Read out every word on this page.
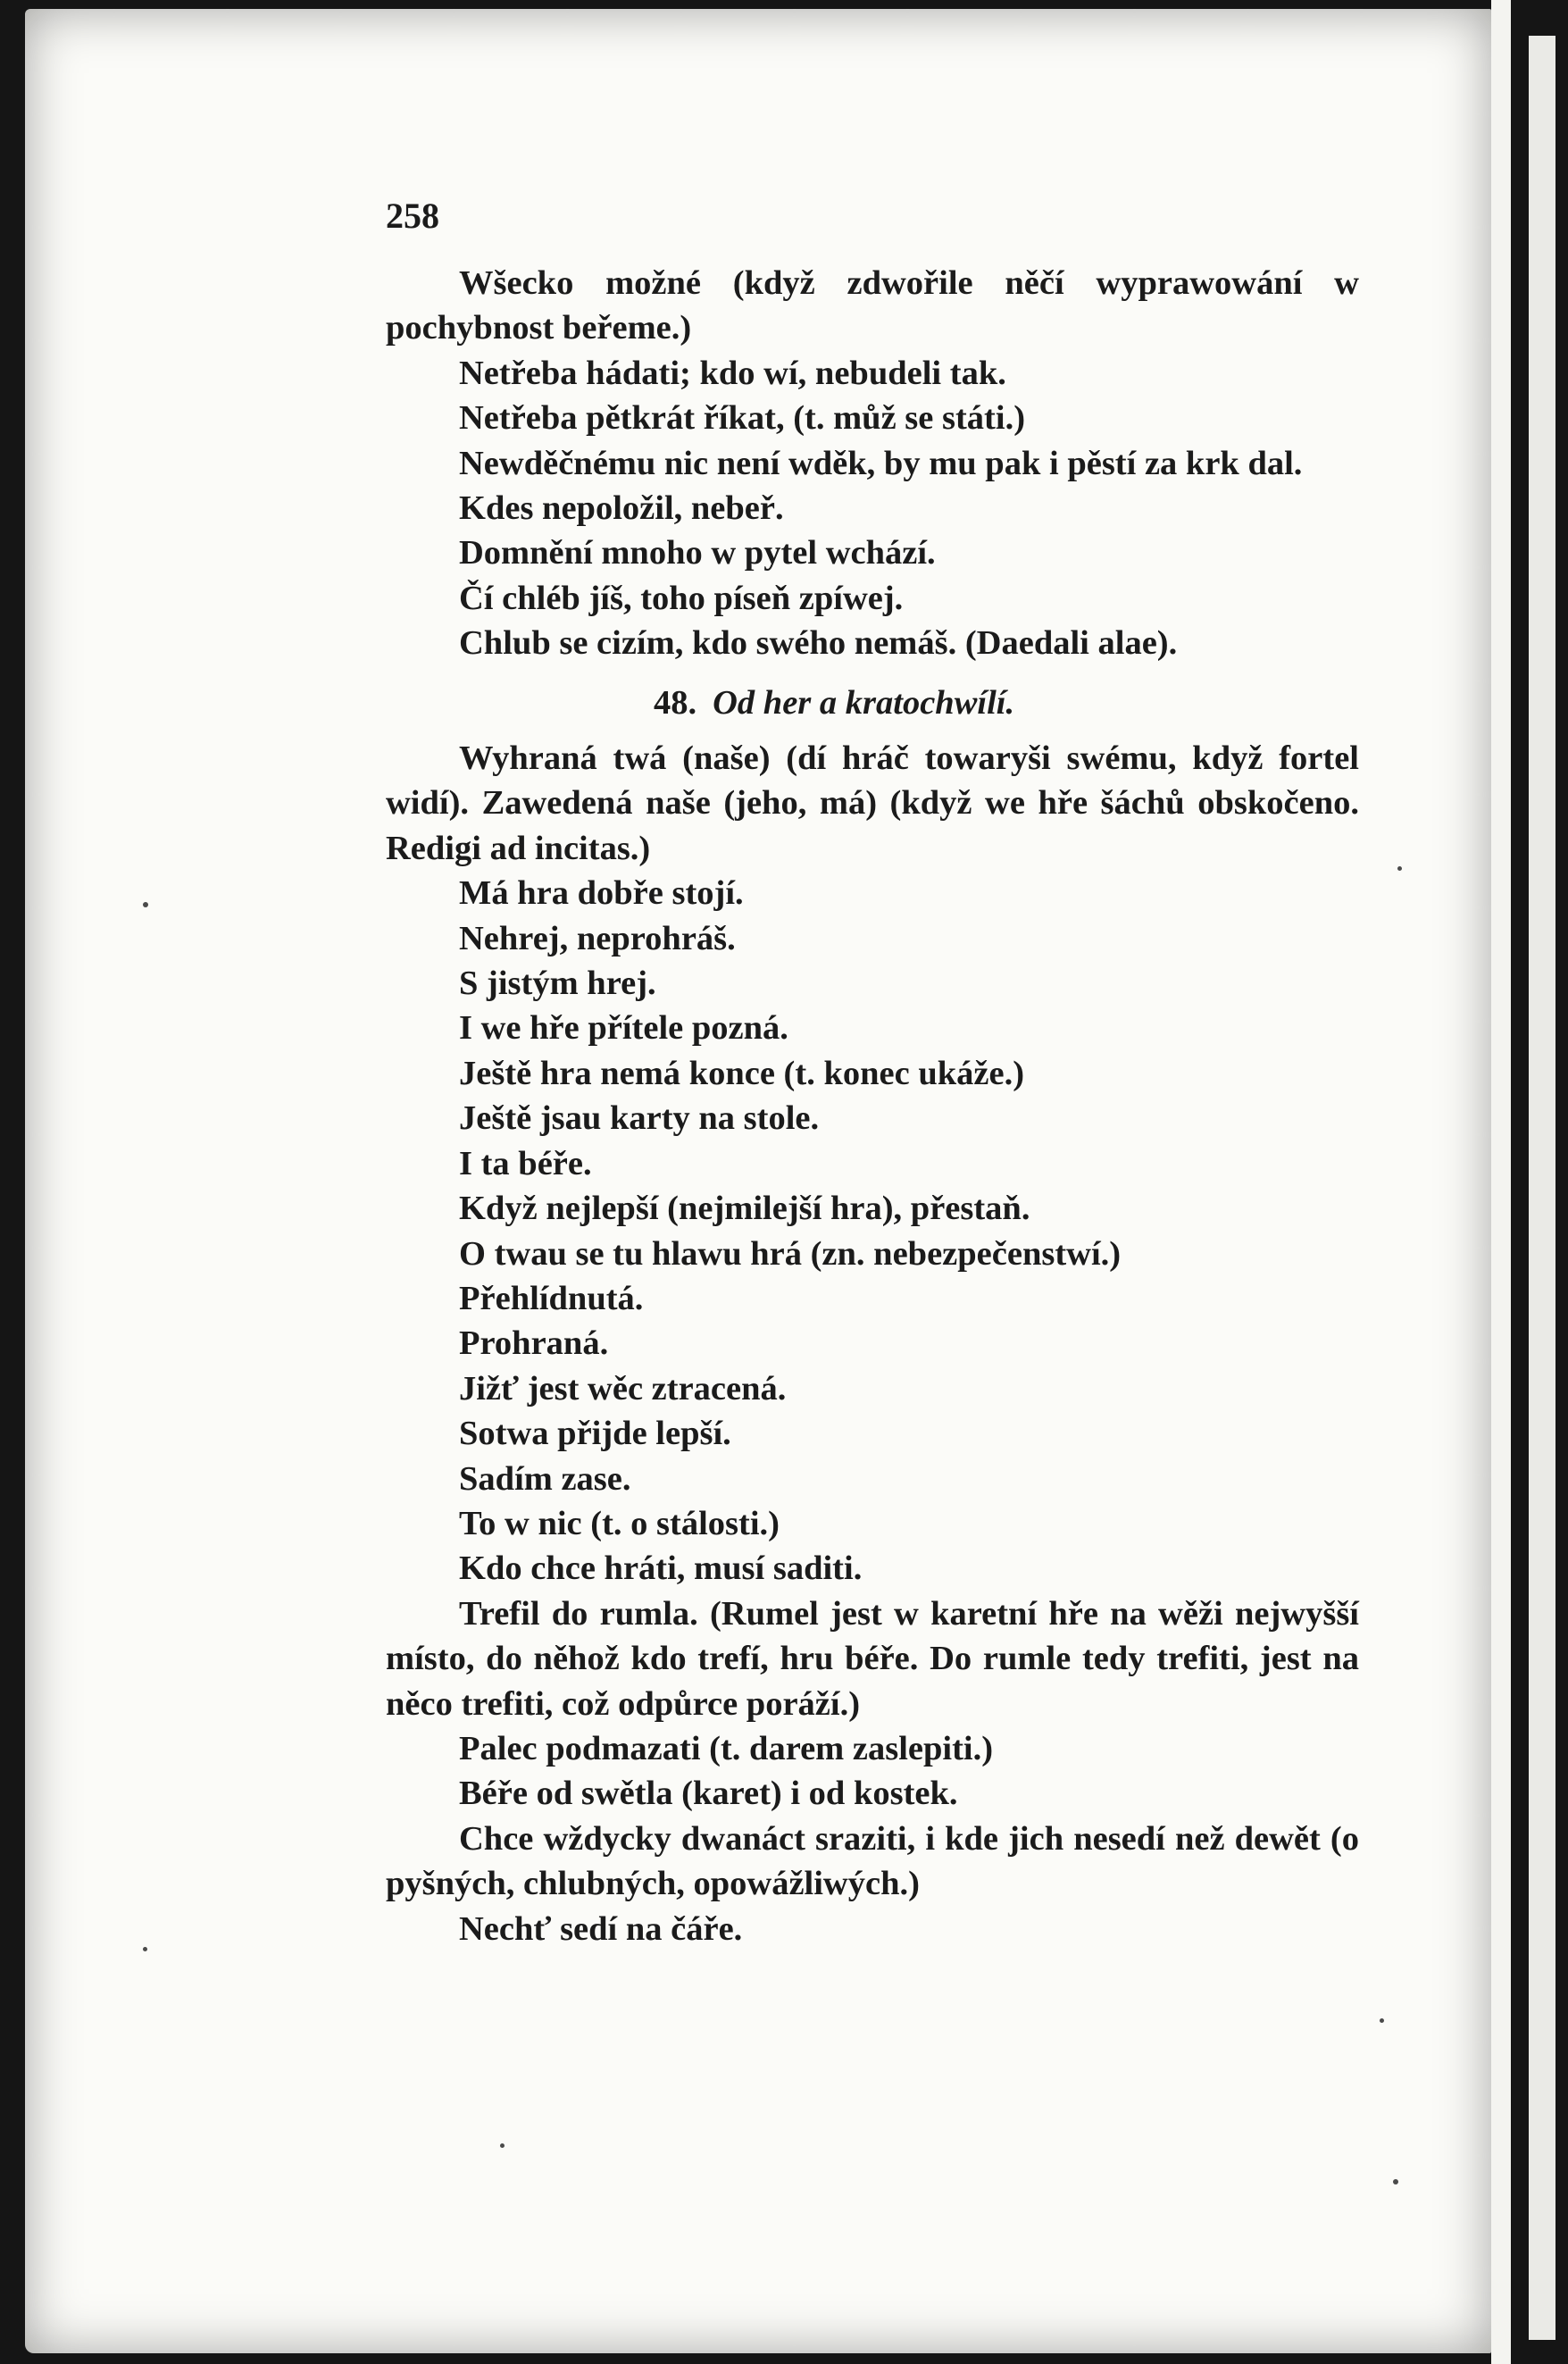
258

Wšecko možné (když zdwořile něčí wyprawowání w pochybnost beřeme.)

Netřeba hádati; kdo wí, nebudeli tak.

Netřeba pětkrát říkat, (t. můž se státi.)

Newděčnému nic není wděk, by mu pak i pěstí za krk dal.

Kdes nepoložil, nebeř.

Domnění mnoho w pytel wchází.

Čí chléb jíš, toho píseň zpíwej.

Chlub se cizím, kdo swého nemáš. (Daedali alae).

48. Od her a kratochwílí.

Wyhraná twá (naše) (dí hráč towaryši swému, když fortel widí). Zawedená naše (jeho, má) (když we hře šáchů obskočeno. Redigi ad incitas.)

Má hra dobře stojí.

Nehrej, neprohráš.

S jistým hrej.

I we hře přítele pozná.

Ještě hra nemá konce (t. konec ukáže.)

Ještě jsau karty na stole.

I ta béře.

Když nejlepší (nejmilejší hra), přestaň.

O twau se tu hlawu hrá (zn. nebezpečenstwí.)

Přehlídnutá.

Prohraná.

Jižť jest wěc ztracená.

Sotwa přijde lepší.

Sadím zase.

To w nic (t. o stálosti.)

Kdo chce hráti, musí saditi.

Trefil do rumla. (Rumel jest w karetní hře na wěži nejwyšší místo, do něhož kdo trefí, hru béře. Do rumle tedy trefiti, jest na něco trefiti, což odpůrce poráží.)

Palec podmazati (t. darem zaslepiti.)

Béře od swětla (karet) i od kostek.

Chce wždycky dwanáct sraziti, i kde jich nesedí než dewět (o pyšných, chlubných, opowážliwých.)

Nechť sedí na čáře.
